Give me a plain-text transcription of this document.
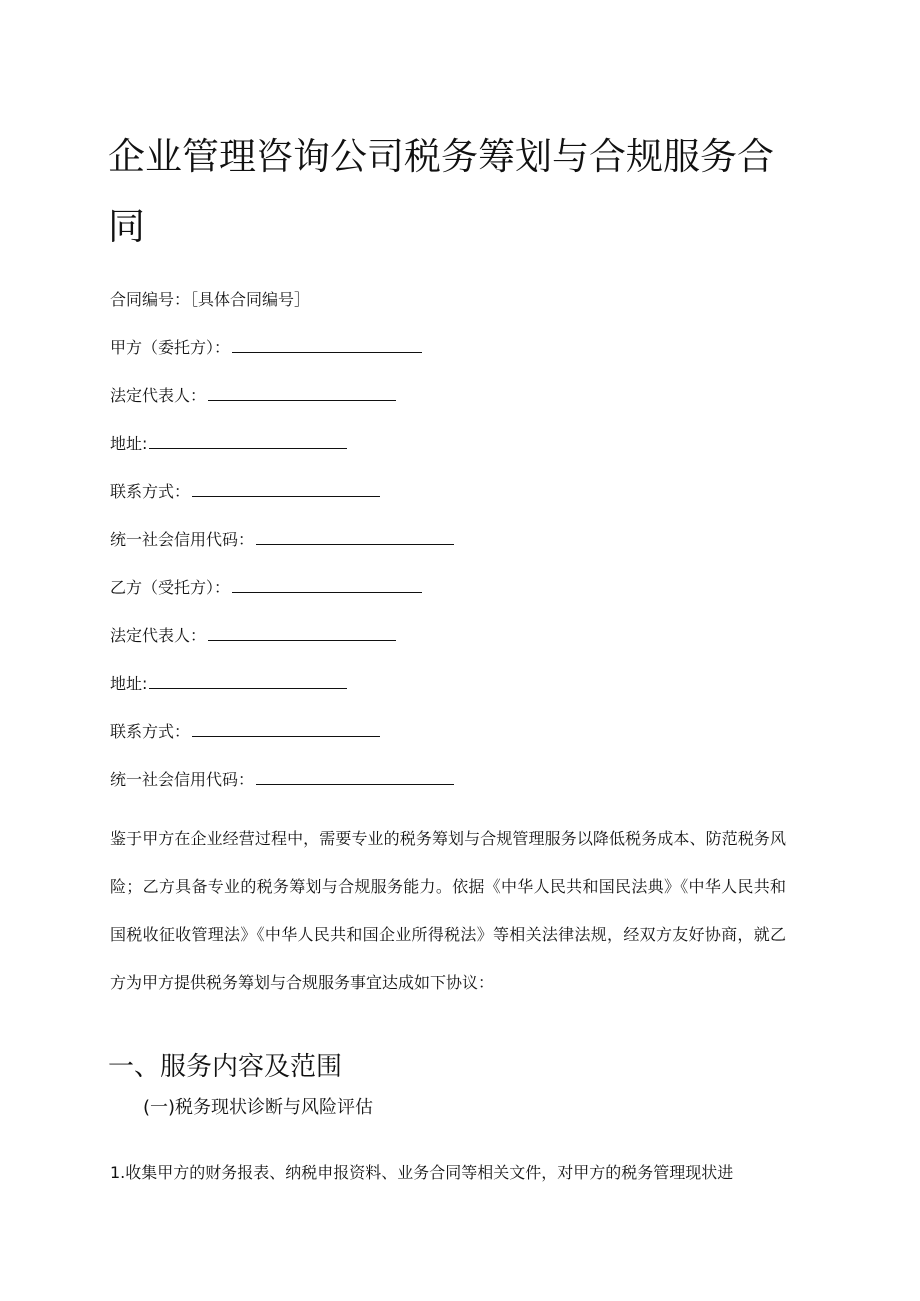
企业管理咨询公司税务筹划与合规服务合同
合同编号：［具体合同编号］
甲方（委托方）：
法定代表人：
地址:
联系方式：
统一社会信用代码：
乙方（受托方）：
法定代表人：
地址:
联系方式：
统一社会信用代码：

鉴于甲方在企业经营过程中，需要专业的税务筹划与合规管理服务以降低税务成本、防范税务风险；乙方具备专业的税务筹划与合规服务能力。依据《中华人民共和国民法典》《中华人民共和国税收征收管理法》《中华人民共和国企业所得税法》等相关法律法规，经双方友好协商，就乙方为甲方提供税务筹划与合规服务事宜达成如下协议：

一、服务内容及范围
(一)税务现状诊断与风险评估

1.收集甲方的财务报表、纳税申报资料、业务合同等相关文件，对甲方的税务管理现状进
